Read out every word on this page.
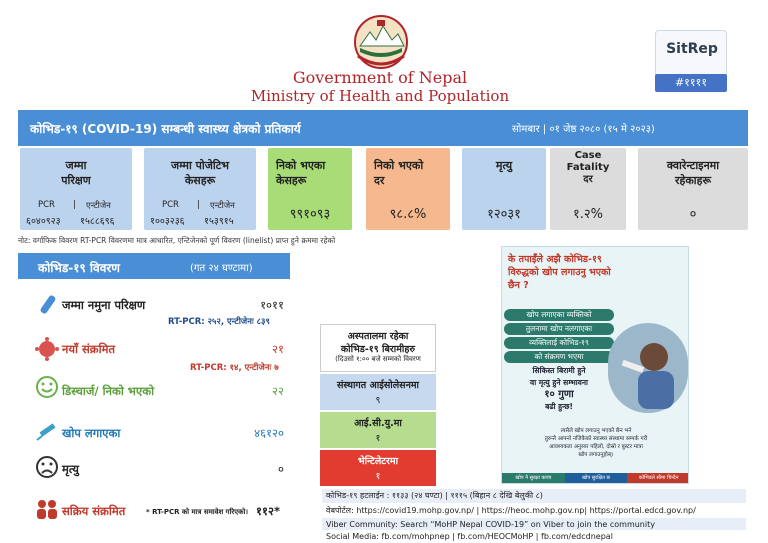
Government of Nepal
Ministry of Health and Population
SitRep
#११११
कोभिड-१९ (COVID-19) सम्बन्धी स्वास्थ्य क्षेत्रको प्रतिकार्य	सोमबार | ०१ जेष्ठ २०८० (१५ मे २०२३)
जम्मा
परिक्षण
PCR | एन्टीजेन
६०४०९२३ १५८८६९६
जम्मा पोजेटिभ
केसहरू
PCR | एन्टीजेन
१००३२३६ १५३९१५
निको भएका
केसहरू
९९१०९३
निको भएको
दर
९८.८%
मृत्यु
१२०३१
Case
Fatality
दर
१.२%
क्वारेन्टाइनमा
रहेकाहरू
०
नोट: वर्गाफिक विवरण RT-PCR विवरणमा मात्र आधारित, एन्टिजेनको पूर्ण विवरण (linelist) प्राप्त हुने क्रममा रहेको
कोभिड-१९ विवरण	(गत २४ घण्टामा)
जम्मा नमुना परिक्षण	१०११
RT-PCR: २५२, एन्टीजेनः ८३९
नयाँ संक्रमित	२१
RT-PCR: १४, एन्टीजेनः ७
डिस्चार्ज/ निको भएको	२२
खोप लगाएका	४६१२०
मृत्यु	०
सक्रिय संक्रमित	* RT-PCR को मात्र समावेश गरिएको। ११२*
अस्पतालमा रहेका
कोभिड-१९ बिरामीहरु
(दिउसो १:०० बजे सम्मको विवरण
संस्थागत आईसोलेसनमा
९
आई.सी.यु.मा
१
भेन्टिलेटरमा
१
के तपाईँले अझै कोभिड-१९
विरुद्धको खोप लगाउनु भएको
छैन ?
खोप लगाएका व्यक्तिको
तुलनामा खोप नलगाएका
व्यक्तिलाई कोभिड-१९
को संक्रमण भएमा
सिकिस्त बिरामी हुने
वा मृत्यु हुने सम्भावना
१० गुणा
बढी हुन्छ!
त्यसैले खोप लगाउनु भएको छैन भने
तुरुन्तै आफ्नो नजिकैको स्वास्थ्य संस्थामा सम्पर्क गरी
आवश्यकता अनुसार पहिलो, दोस्रो र बुस्टर मात्रा
खोप लगाउनुहोस्।
खोप नै सुरक्षा कवच	खोप सुरक्षित छ	कोभिडले सीमा चिन्दैन
कोभिड-१९ हटलाईन : ११३३ (२४ घण्टा) | १११५ (बिहान ८ देखि बेलुकी ८)
वेबपोर्टल: https://covid19.mohp.gov.np/ | https://heoc.mohp.gov.np| https://portal.edcd.gov.np/
Viber Community: Search “MoHP Nepal COVID-19” on Viber to join the community
Social Media: fb.com/mohpnep | fb.com/HEOCMoHP | fb.com/edcdnepal
